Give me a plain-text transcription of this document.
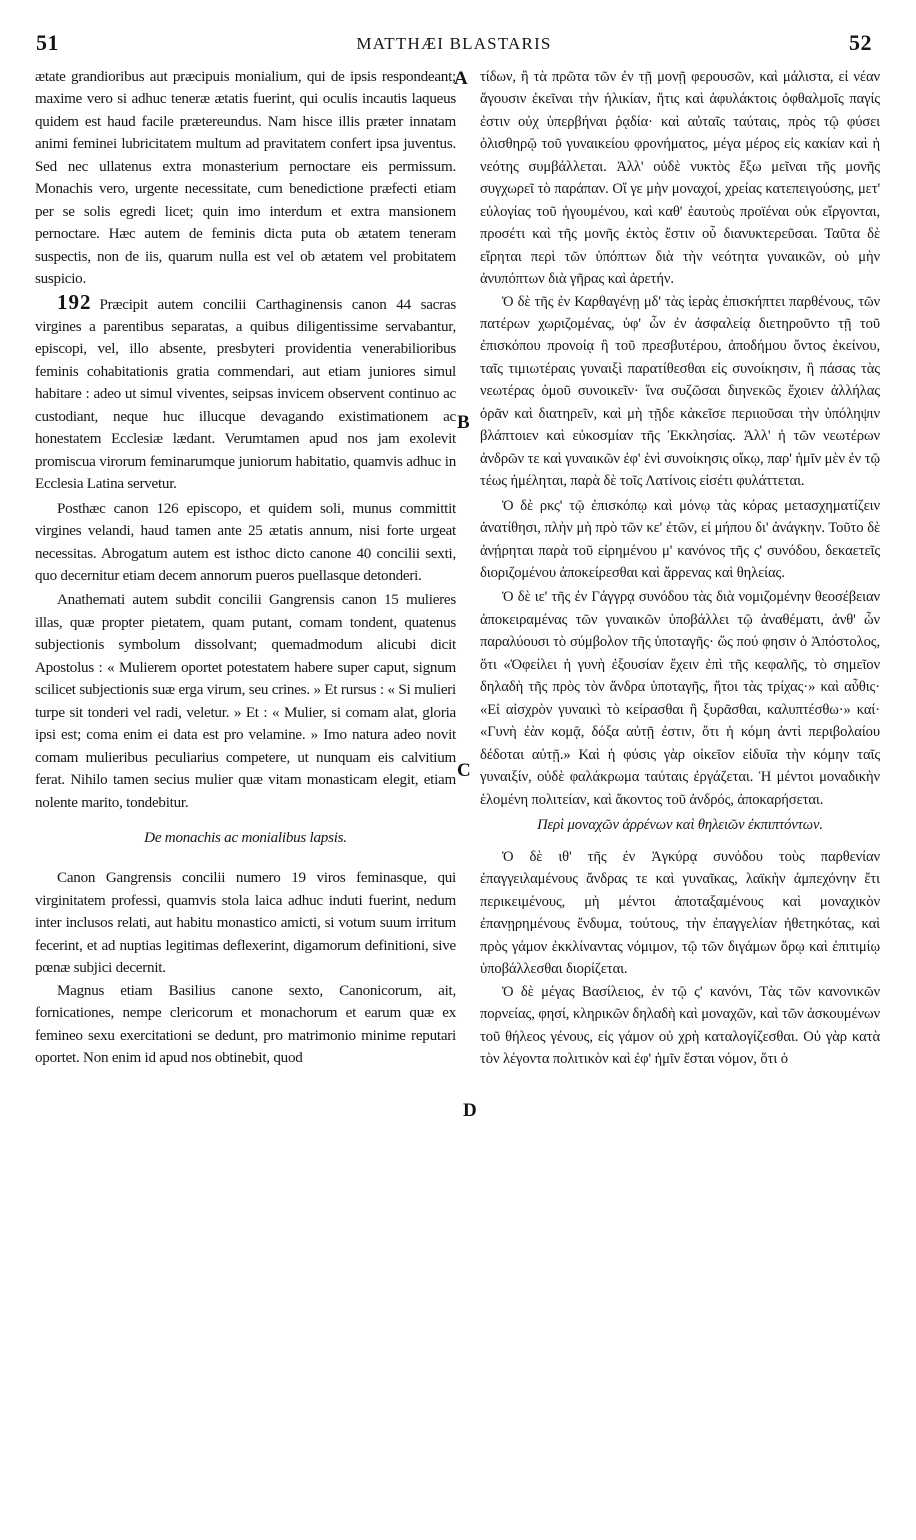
51	MATTHÆI BLASTARIS	52
A
B
C
D

ætate grandioribus aut præcipuis monialium, qui de ipsis respondeant; maxime vero si adhuc teneræ ætatis fuerint, qui oculis incautis laqueus quidem est haud facile prætereundus. Nam hisce illis præter innatam animi feminei lubricitatem multum ad pravitatem confert ipsa juventus. Sed nec ullatenus extra monasterium pernoctare eis permissum. Monachis vero, urgente necessitate, cum benedictione præfecti etiam per se solis egredi licet; quin imo interdum et extra mansionem pernoctare. Hæc autem de feminis dicta puta ob ætatem teneram suspectis, non de iis, quarum nulla est vel ob ætatem vel probitatem suspicio.

192 Præcipit autem concilii Carthaginensis canon 44 sacras virgines a parentibus separatas, a quibus diligentissime servabantur, episcopi, vel, illo absente, presbyteri providentia venerabilioribus feminis cohabitationis gratia commendari, aut etiam juniores simul habitare : adeo ut simul viventes, seipsas invicem observent continuo ac custodiant, neque huc illucque devagando existimationem ac honestatem Ecclesiæ lædant. Verumtamen apud nos jam exolevit promiscua virorum feminarumque juniorum habitatio, quamvis adhuc in Ecclesia Latina servetur.

Posthæc canon 126 episcopo, et quidem soli, munus committit virgines velandi, haud tamen ante 25 ætatis annum, nisi forte urgeat necessitas. Abrogatum autem est isthoc dicto canone 40 concilii sexti, quo decernitur etiam decem annorum pueros puellasque detonderi.

Anathemati autem subdit concilii Gangrensis canon 15 mulieres illas, quæ propter pietatem, quam putant, comam tondent, quatenus subjectionis symbolum dissolvant; quemadmodum alicubi dicit Apostolus : « Mulierem oportet potestatem habere super caput, signum scilicet subjectionis suæ erga virum, seu crines. » Et rursus : « Si mulieri turpe sit tonderi vel radi, veletur. » Et : « Mulier, si comam alat, gloria ipsi est; coma enim ei data est pro velamine. » Imo natura adeo novit comam mulieribus peculiarius competere, ut nunquam eis calvitium ferat. Nihilo tamen secius mulier quæ vitam monasticam elegit, etiam nolente marito, tondebitur.

De monachis ac monialibus lapsis.

Canon Gangrensis concilii numero 19 viros feminasque, qui virginitatem professi, quamvis stola laica adhuc induti fuerint, nedum inter inclusos relati, aut habitu monastico amicti, si votum suum irritum fecerint, et ad nuptias legitimas deflexerint, digamorum definitioni, sive pœnæ subjici decernit.

Magnus etiam Basilius canone sexto, Canonicorum, ait, fornicationes, nempe clericorum et monachorum et earum quæ ex femineo sexu exercitationi se dedunt, pro matrimonio minime reputari oportet. Non enim id apud nos obtinebit, quod

τίδων, ἢ τὰ πρῶτα τῶν ἐν τῇ μονῇ φερουσῶν, καὶ μάλιστα, εἰ νέαν ἄγουσιν ἐκεῖναι τὴν ἡλικίαν, ἥτις καὶ ἀφυλάκτοις ὀφθαλμοῖς παγίς ἐστιν οὐχ ὑπερβήναι ῥᾳδία· καὶ αὐταῖς ταύταις, πρὸς τῷ φύσει ὀλισθηρῷ τοῦ γυναικείου φρονήματος, μέγα μέρος εἰς κακίαν καὶ ἡ νεότης συμβάλλεται. Ἀλλ' οὐδὲ νυκτὸς ἔξω μεῖναι τῆς μονῆς συγχωρεῖ τὸ παράπαν. Οἵ γε μὴν μοναχοί, χρείας κατεπειγούσης, μετ' εὐλογίας τοῦ ἡγουμένου, καὶ καθ' ἑαυτοὺς προϊέναι οὐκ εἴργονται, προσέτι καὶ τῆς μονῆς ἐκτὸς ἔστιν οὗ διανυκτερεῦσαι. Ταῦτα δὲ εἴρηται περὶ τῶν ὑπόπτων διὰ τὴν νεότητα γυναικῶν, οὐ μὴν ἀνυπόπτων διὰ γῆρας καὶ ἀρετήν.

Ὁ δὲ τῆς ἐν Καρθαγένῃ μδ' τὰς ἱερὰς ἐπισκήπτει παρθένους, τῶν πατέρων χωριζομένας, ὑφ' ὧν ἐν ἀσφαλείᾳ διετηροῦντο τῇ τοῦ ἐπισκόπου προνοίᾳ ἢ τοῦ πρεσβυτέρου, ἀποδήμου ὄντος ἐκείνου, ταῖς τιμιωτέραις γυναιξὶ παρατίθεσθαι εἰς συνοίκησιν, ἢ πάσας τὰς νεωτέρας ὁμοῦ συνοικεῖν· ἵνα συζῶσαι διηνεκῶς ἔχοιεν ἀλλήλας ὁρᾶν καὶ διατηρεῖν, καὶ μὴ τῇδε κἀκεῖσε περιιοῦσαι τὴν ὑπόληψιν βλάπτοιεν καὶ εὐκοσμίαν τῆς Ἐκκλησίας. Ἀλλ' ἡ τῶν νεωτέρων ἀνδρῶν τε καὶ γυναικῶν ἐφ' ἑνὶ συνοίκησις οἴκῳ, παρ' ἡμῖν μὲν ἐν τῷ τέως ἠμέληται, παρὰ δὲ τοῖς Λατίνοις εἰσέτι φυλάττεται.

Ὁ δὲ ρκς' τῷ ἐπισκόπῳ καὶ μόνῳ τὰς κόρας μετασχηματίζειν ἀνατίθησι, πλὴν μὴ πρὸ τῶν κε' ἐτῶν, εἰ μήπου δι' ἀνάγκην. Τοῦτο δὲ ἀνῄρηται παρὰ τοῦ εἰρημένου μ' κανόνος τῆς ς' συνόδου, δεκαετεῖς διοριζομένου ἀποκείρεσθαι καὶ ἄρρενας καὶ θηλείας.

Ὁ δὲ ιε' τῆς ἐν Γάγγρᾳ συνόδου τὰς διὰ νομιζομένην θεοσέβειαν ἀποκειραμένας τῶν γυναικῶν ὑποβάλλει τῷ ἀναθέματι, ἀνθ' ὧν παραλύουσι τὸ σύμβολον τῆς ὑποταγῆς· ὥς πού φησιν ὁ Ἀπόστολος, ὅτι «Ὀφείλει ἡ γυνὴ ἐξουσίαν ἔχειν ἐπὶ τῆς κεφαλῆς, τὸ σημεῖον δηλαδὴ τῆς πρὸς τὸν ἄνδρα ὑποταγῆς, ἤτοι τὰς τρίχας·» καὶ αὖθις· «Εἰ αἰσχρὸν γυναικὶ τὸ κείρασθαι ἢ ξυρᾶσθαι, καλυπτέσθω·» καί· «Γυνὴ ἐὰν κομᾷ, δόξα αὐτῇ ἐστιν, ὅτι ἡ κόμη ἀντὶ περιβολαίου δέδοται αὐτῇ.» Καὶ ἡ φύσις γὰρ οἰκεῖον εἰδυῖα τὴν κόμην ταῖς γυναιξίν, οὐδὲ φαλάκρωμα ταύταις ἐργάζεται. Ἡ μέντοι μοναδικὴν ἑλομένη πολιτείαν, καὶ ἄκοντος τοῦ ἀνδρός, ἀποκαρήσεται.

Περὶ μοναχῶν ἀρρένων καὶ θηλειῶν ἐκπιπτόντων.

Ὁ δὲ ιθ' τῆς ἐν Ἀγκύρᾳ συνόδου τοὺς παρθενίαν ἐπαγγειλαμένους ἄνδρας τε καὶ γυναῖκας, λαϊκὴν ἀμπεχόνην ἔτι περικειμένους, μὴ μέντοι ἀποταξαμένους καὶ μοναχικὸν ἐπανῃρημένους ἔνδυμα, τούτους, τὴν ἐπαγγελίαν ἠθετηκότας, καὶ πρὸς γάμον ἐκκλίναντας νόμιμον, τῷ τῶν διγάμων ὅρῳ καὶ ἐπιτιμίῳ ὑποβάλλεσθαι διορίζεται.

Ὁ δὲ μέγας Βασίλειος, ἐν τῷ ς' κανόνι, Τὰς τῶν κανονικῶν πορνείας, φησί, κληρικῶν δηλαδὴ καὶ μοναχῶν, καὶ τῶν ἀσκουμένων τοῦ θήλεος γένους, εἰς γάμον οὐ χρὴ καταλογίζεσθαι. Οὐ γὰρ κατὰ τὸν λέγοντα πολιτικὸν καὶ ἐφ' ἡμῖν ἔσται νόμον, ὅτι ὁ
